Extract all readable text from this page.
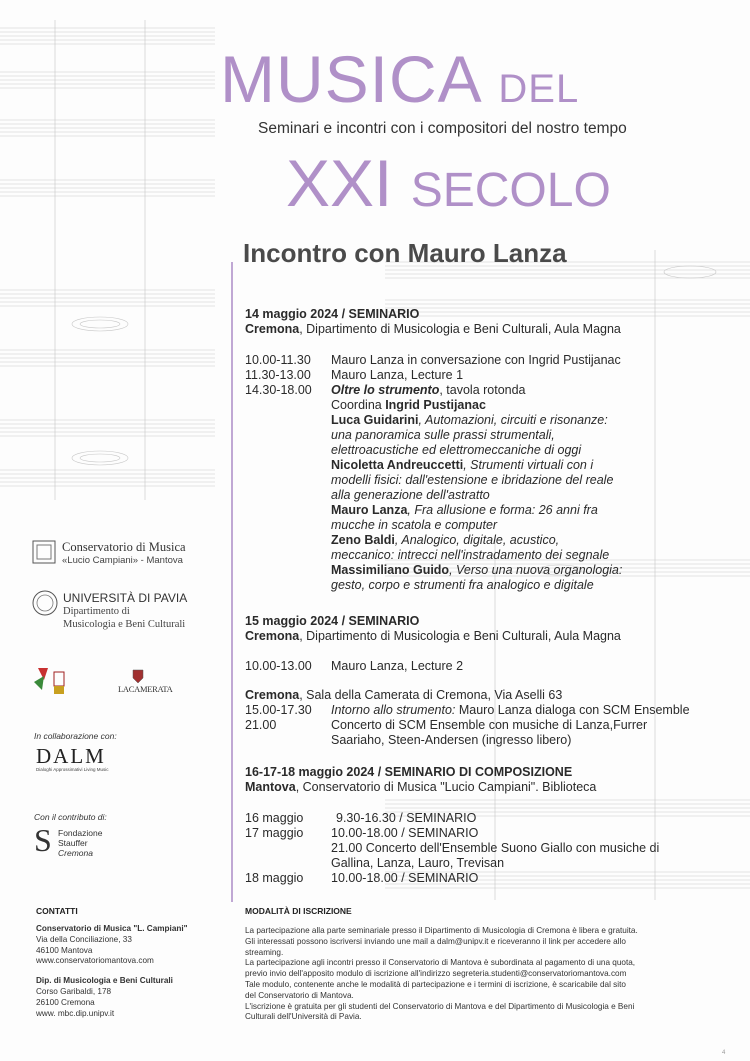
MUSICA DEL
Seminari e incontri con i compositori del nostro tempo
XXI SECOLO
Incontro con Mauro Lanza
14 maggio 2024 / SEMINARIO
Cremona, Dipartimento di Musicologia e Beni Culturali, Aula Magna
10.00-11.30 Mauro Lanza in conversazione con Ingrid Pustijanac
11.30-13.00 Mauro Lanza, Lecture 1
14.30-18.00 Oltre lo strumento, tavola rotonda
Coordina Ingrid Pustijanac
Luca Guidarini, Automazioni, circuiti e risonanze:
una panoramica sulle prassi strumentali,
elettroacustiche ed elettromeccaniche di oggi
Nicoletta Andreuccetti, Strumenti virtuali con i
modelli fisici: dall'estensione e ibridazione del reale
alla generazione dell'astratto
Mauro Lanza, Fra allusione e forma: 26 anni fra
mucche in scatola e computer
Zeno Baldi, Analogico, digitale, acustico,
meccanico: intrecci nell'instradamento dei segnale
Massimiliano Guido, Verso una nuova organologia:
gesto, corpo e strumenti fra analogico e digitale
15 maggio 2024 / SEMINARIO
Cremona, Dipartimento di Musicologia e Beni Culturali, Aula Magna
10.00-13.00 Mauro Lanza, Lecture 2
Cremona, Sala della Camerata di Cremona, Via Aselli 63
15.00-17.30 Intorno allo strumento: Mauro Lanza dialoga con SCM Ensemble
21.00	Concerto di SCM Ensemble con musiche di Lanza,Furrer
Saariaho, Steen-Andersen (ingresso libero)
16-17-18 maggio 2024 / SEMINARIO DI COMPOSIZIONE
Mantova, Conservatorio di Musica "Lucio Campiani". Biblioteca
16 maggio	9.30-16.30 / SEMINARIO
17 maggio 10.00-18.00 / SEMINARIO
21.00 Concerto dell'Ensemble Suono Giallo con musiche di
Gallina, Lanza, Lauro, Trevisan
18 maggio 10.00-18.00 / SEMINARIO
Conservatorio di Musica
«Lucio Campiani» - Mantova
UNIVERSITÀ DI PAVIA
Dipartimento di
Musicologia e Beni Culturali
LACAMERATA
In collaborazione con:
DALM
Dialoghi Approssimativi Living Music
Con il contributo di:
S Fondazione
Stauffer
Cremona
CONTATTI
Conservatorio di Musica "L. Campiani"
Via della Conciliazione, 33
46100 Mantova
www.conservatoriomantova.com
Dip. di Musicologia e Beni Culturali
Corso Garibaldi, 178
26100 Cremona
www. mbc.dip.unipv.it
MODALITÀ DI ISCRIZIONE
La partecipazione alla parte seminariale presso il Dipartimento di Musicologia di Cremona è libera e gratuita.
Gli interessati possono iscriversi inviando une mail a dalm@unipv.it e riceveranno il link per accedere allo
streaming.
La partecipazione agli incontri presso il Conservatorio di Mantova è subordinata al pagamento di una quota,
previo invio dell'apposito modulo di iscrizione all'indirizzo segreteria.studenti@conservatoriomantova.com
Tale modulo, contenente anche le modalità di partecipazione e i termini di iscrizione, è scaricabile dal sito
del Conservatorio di Mantova.
L'iscrizione è gratuita per gli studenti del Conservatorio di Mantova e del Dipartimento di Musicologia e Beni
Culturali dell'Università di Pavia.
4
